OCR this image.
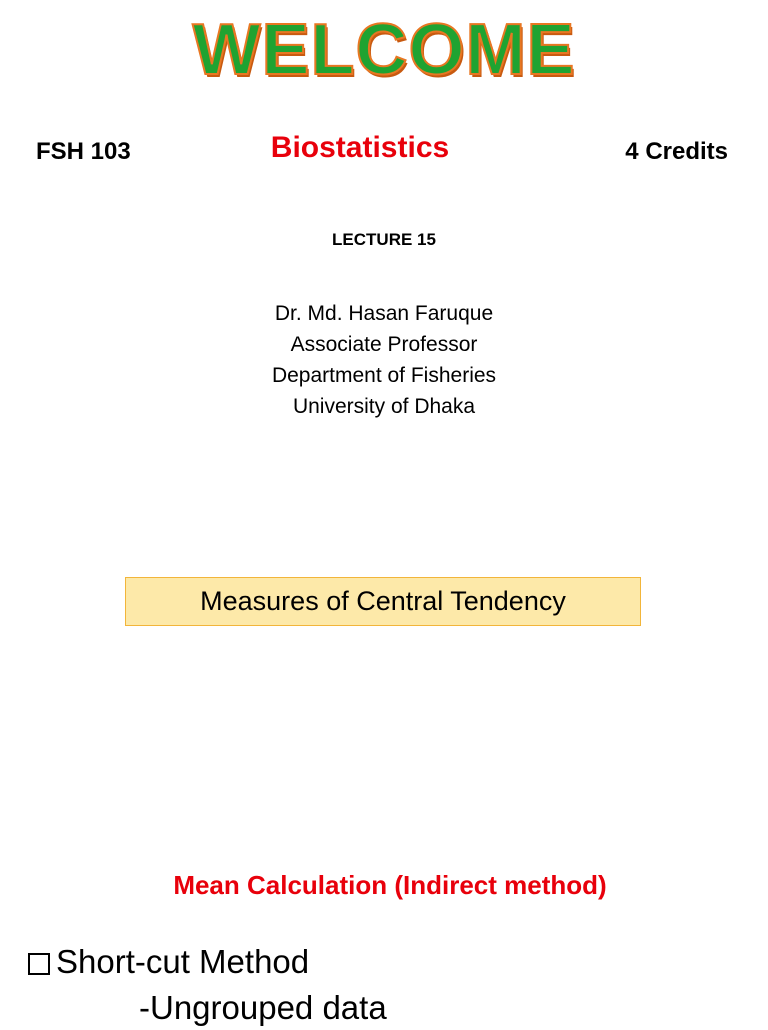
WELCOME
FSH 103	Biostatistics	4 Credits
LECTURE 15
Dr. Md. Hasan Faruque
Associate Professor
Department of Fisheries
University of Dhaka
Measures of Central Tendency
Mean Calculation (Indirect method)
Short-cut Method
-Ungrouped data
